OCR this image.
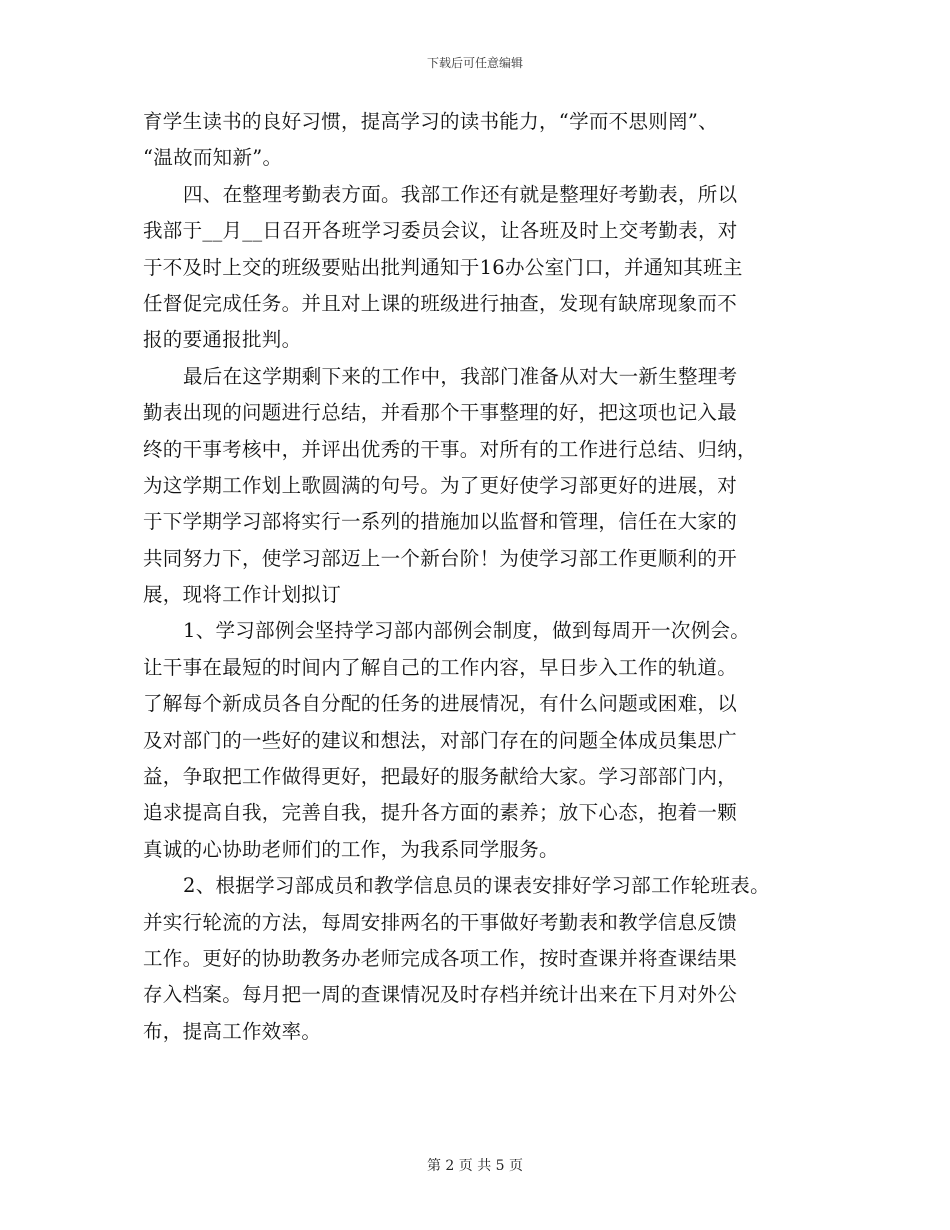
下载后可任意编辑
育学生读书的良好习惯，提高学习的读书能力，“学而不思则罔”、
“温故而知新”。
四、在整理考勤表方面。我部工作还有就是整理好考勤表，所以
我部于__月__日召开各班学习委员会议，让各班及时上交考勤表，对
于不及时上交的班级要贴出批判通知于16办公室门口，并通知其班主
任督促完成任务。并且对上课的班级进行抽查，发现有缺席现象而不
报的要通报批判。
最后在这学期剩下来的工作中，我部门准备从对大一新生整理考
勤表出现的问题进行总结，并看那个干事整理的好，把这项也记入最
终的干事考核中，并评出优秀的干事。对所有的工作进行总结、归纳，
为这学期工作划上歌圆满的句号。为了更好使学习部更好的进展，对
于下学期学习部将实行一系列的措施加以监督和管理，信任在大家的
共同努力下，使学习部迈上一个新台阶！为使学习部工作更顺利的开
展，现将工作计划拟订
1、学习部例会坚持学习部内部例会制度，做到每周开一次例会。
让干事在最短的时间内了解自己的工作内容，早日步入工作的轨道。
了解每个新成员各自分配的任务的进展情况，有什么问题或困难，以
及对部门的一些好的建议和想法，对部门存在的问题全体成员集思广
益，争取把工作做得更好，把最好的服务献给大家。学习部部门内，
追求提高自我，完善自我，提升各方面的素养；放下心态，抱着一颗
真诚的心协助老师们的工作，为我系同学服务。
2、根据学习部成员和教学信息员的课表安排好学习部工作轮班表。
并实行轮流的方法，每周安排两名的干事做好考勤表和教学信息反馈
工作。更好的协助教务办老师完成各项工作，按时查课并将查课结果
存入档案。每月把一周的查课情况及时存档并统计出来在下月对外公
布，提高工作效率。
第 2 页 共 5 页
